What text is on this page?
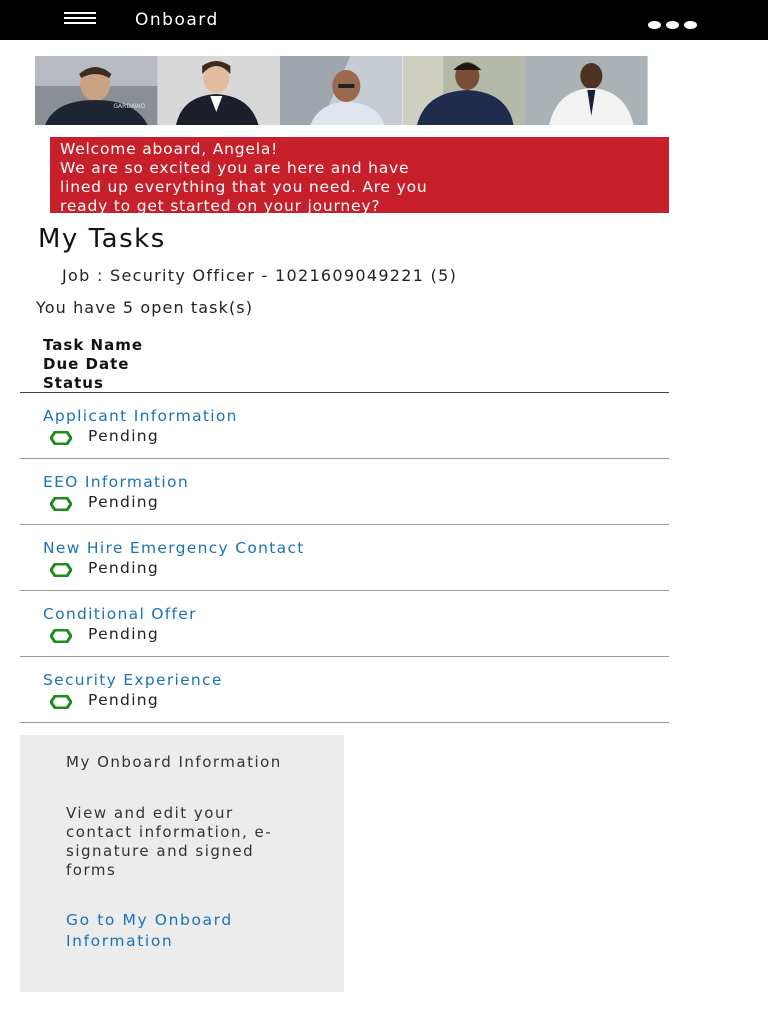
Onboard
GARDAWO
Welcome aboard, Angela!
We are so excited you are here and have
lined up everything that you need. Are you
ready to get started on your journey?
My Tasks
Job : Security Officer - 1021609049221 (5)
You have 5 open task(s)
Task Name
Due Date
Status
Applicant Information
Pending
EEO Information
Pending
New Hire Emergency Contact
Pending
Conditional Offer
Pending
Security Experience
Pending
My Onboard Information
View and edit your contact information, e-signature and signed forms
Go to My Onboard Information
